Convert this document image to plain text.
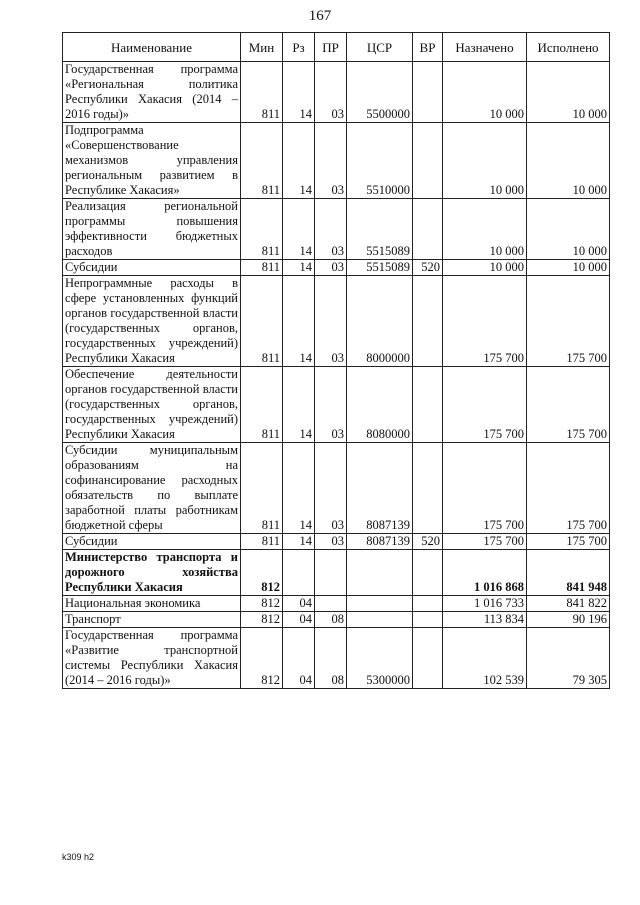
167
Наименование	Мин	Рз	ПР	ЦСР	ВР	Назначено	Исполнено
Государственная программа «Региональная политика Республики Хакасия (2014 – 2016 годы)»	811	14	03	5500000		10 000	10 000
Подпрограмма «Совершенствование механизмов управления региональным развитием в Республике Хакасия»	811	14	03	5510000		10 000	10 000
Реализация региональной программы повышения эффективности бюджетных расходов	811	14	03	5515089		10 000	10 000
Субсидии	811	14	03	5515089	520	10 000	10 000
Непрограммные расходы в сфере установленных функций органов государственной власти (государственных органов, государственных учреждений) Республики Хакасия	811	14	03	8000000		175 700	175 700
Обеспечение деятельности органов государственной власти (государственных органов, государственных учреждений) Республики Хакасия	811	14	03	8080000		175 700	175 700
Субсидии муниципальным образованиям на софинансирование расходных обязательств по выплате заработной платы работникам бюджетной сферы	811	14	03	8087139		175 700	175 700
Субсидии	811	14	03	8087139	520	175 700	175 700
Министерство транспорта и дорожного хозяйства Республики Хакасия	812					1 016 868	841 948
Национальная экономика	812	04				1 016 733	841 822
Транспорт	812	04	08			113 834	90 196
Государственная программа «Развитие транспортной системы Республики Хакасия (2014 – 2016 годы)»	812	04	08	5300000		102 539	79 305
k309 h2
